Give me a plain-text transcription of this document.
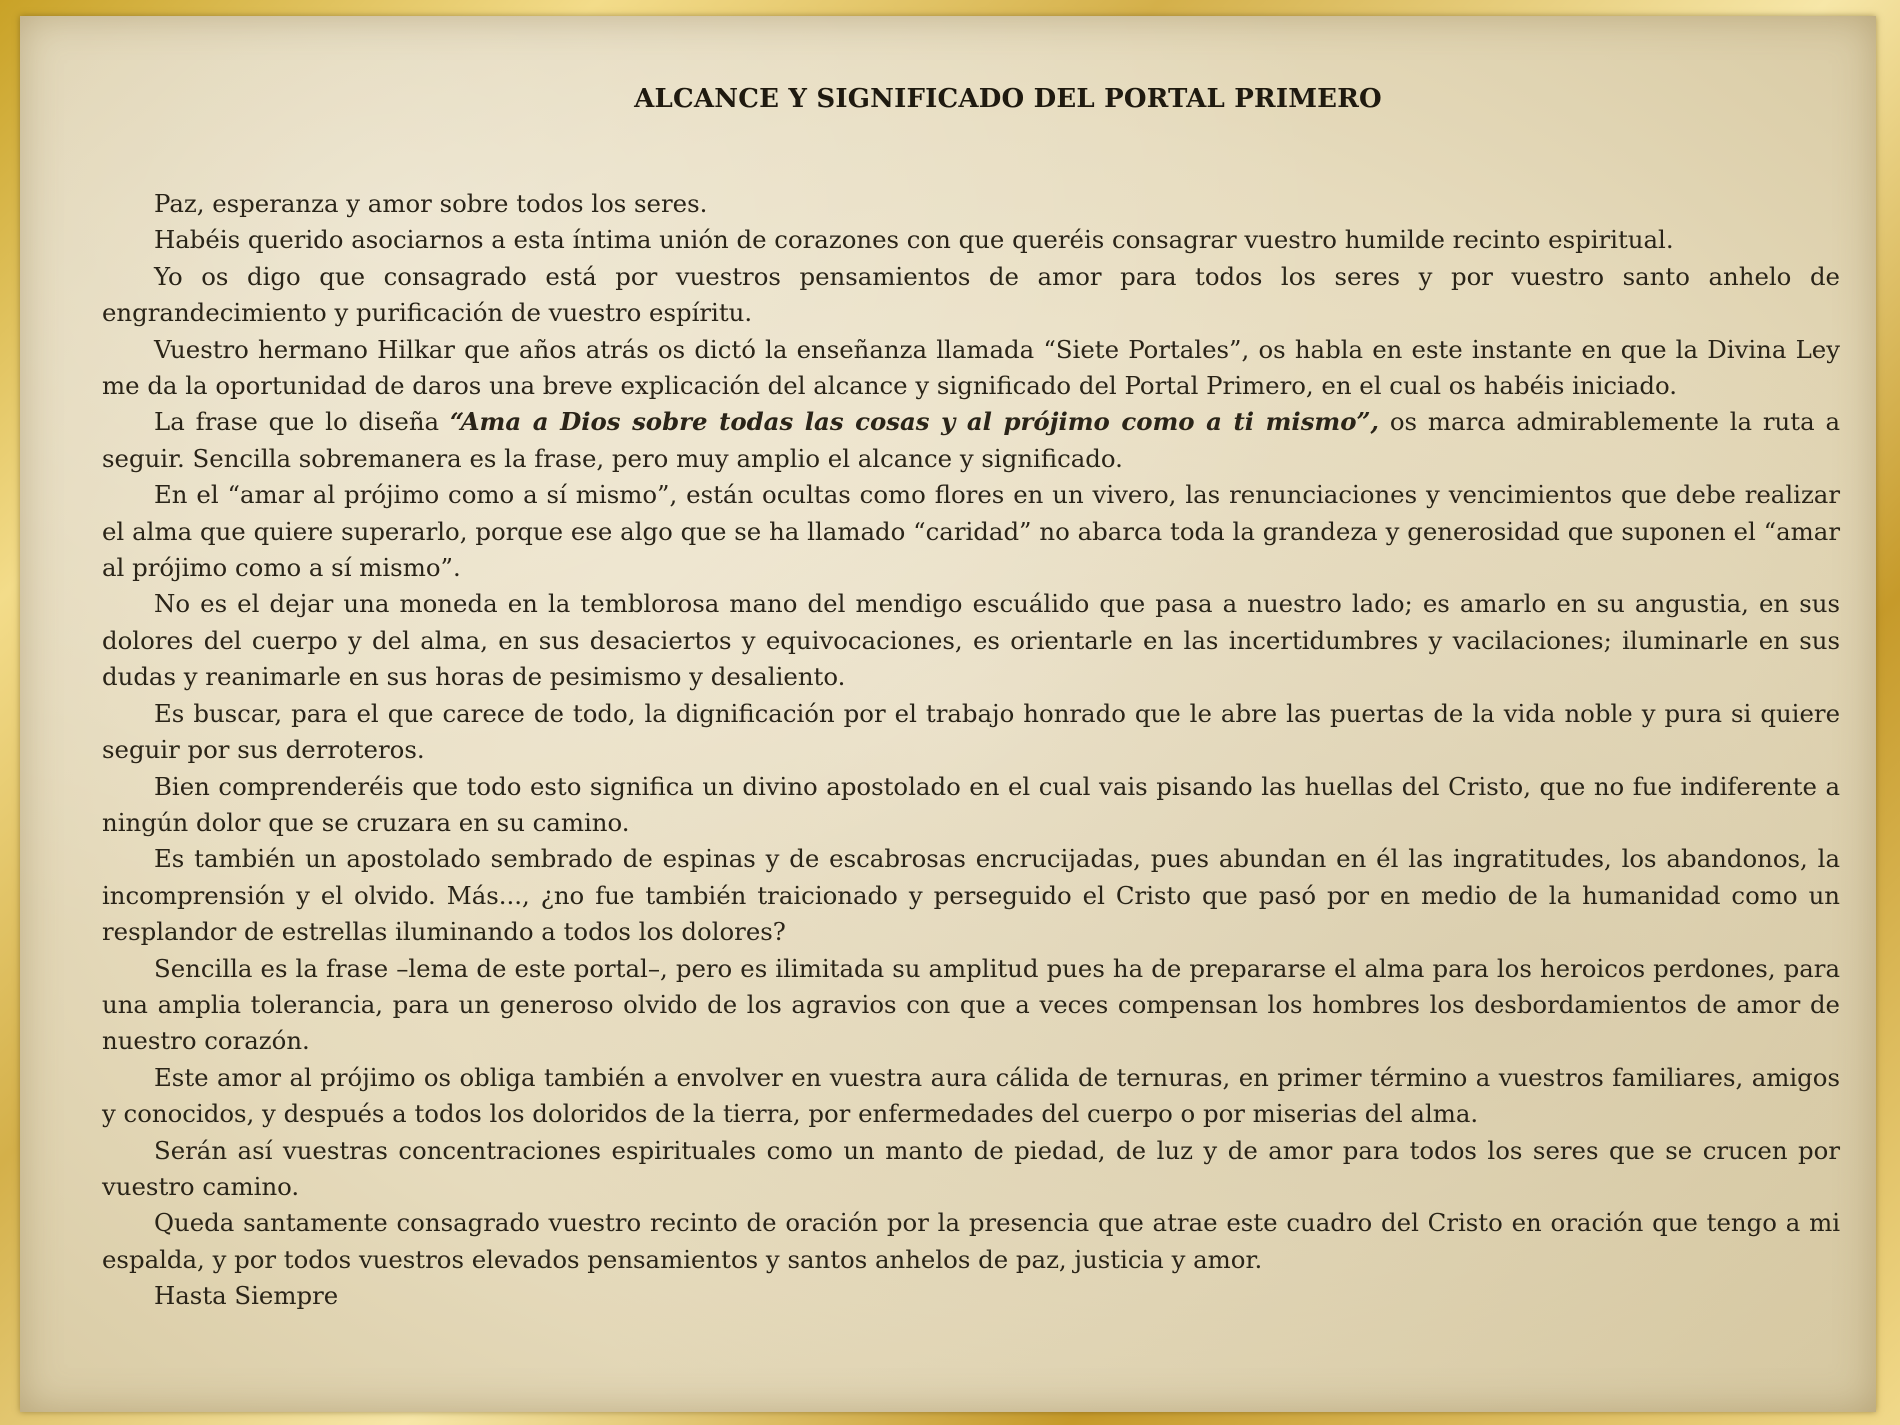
ALCANCE Y SIGNIFICADO DEL PORTAL PRIMERO

Paz, esperanza y amor sobre todos los seres.

Habéis querido asociarnos a esta íntima unión de corazones con que queréis consagrar vuestro humilde recinto espiritual.

Yo os digo que consagrado está por vuestros pensamientos de amor para todos los seres y por vuestro santo anhelo de engrandecimiento y purificación de vuestro espíritu.

Vuestro hermano Hilkar que años atrás os dictó la enseñanza llamada “Siete Portales”, os habla en este instante en que la Divina Ley me da la oportunidad de daros una breve explicación del alcance y significado del Portal Primero, en el cual os habéis iniciado.

La frase que lo diseña “Ama a Dios sobre todas las cosas y al prójimo como a ti mismo”, os marca admirablemente la ruta a seguir. Sencilla sobremanera es la frase, pero muy amplio el alcance y significado.

En el “amar al prójimo como a sí mismo”, están ocultas como flores en un vivero, las renunciaciones y vencimientos que debe realizar el alma que quiere superarlo, porque ese algo que se ha llamado “caridad” no abarca toda la grandeza y generosidad que suponen el “amar al prójimo como a sí mismo”.

No es el dejar una moneda en la temblorosa mano del mendigo escuálido que pasa a nuestro lado; es amarlo en su angustia, en sus dolores del cuerpo y del alma, en sus desaciertos y equivocaciones, es orientarle en las incertidumbres y vacilaciones; iluminarle en sus dudas y reanimarle en sus horas de pesimismo y desaliento.

Es buscar, para el que carece de todo, la dignificación por el trabajo honrado que le abre las puertas de la vida noble y pura si quiere seguir por sus derroteros.

Bien comprenderéis que todo esto significa un divino apostolado en el cual vais pisando las huellas del Cristo, que no fue indiferente a ningún dolor que se cruzara en su camino.

Es también un apostolado sembrado de espinas y de escabrosas encrucijadas, pues abundan en él las ingratitudes, los abandonos, la incomprensión y el olvido. Más..., ¿no fue también traicionado y perseguido el Cristo que pasó por en medio de la humanidad como un resplandor de estrellas iluminando a todos los dolores?

Sencilla es la frase –lema de este portal–, pero es ilimitada su amplitud pues ha de prepararse el alma para los heroicos perdones, para una amplia tolerancia, para un generoso olvido de los agravios con que a veces compensan los hombres los desbordamientos de amor de nuestro corazón.

Este amor al prójimo os obliga también a envolver en vuestra aura cálida de ternuras, en primer término a vuestros familiares, amigos y conocidos, y después a todos los doloridos de la tierra, por enfermedades del cuerpo o por miserias del alma.

Serán así vuestras concentraciones espirituales como un manto de piedad, de luz y de amor para todos los seres que se crucen por vuestro camino.

Queda santamente consagrado vuestro recinto de oración por la presencia que atrae este cuadro del Cristo en oración que tengo a mi espalda, y por todos vuestros elevados pensamientos y santos anhelos de paz, justicia y amor.

Hasta Siempre
